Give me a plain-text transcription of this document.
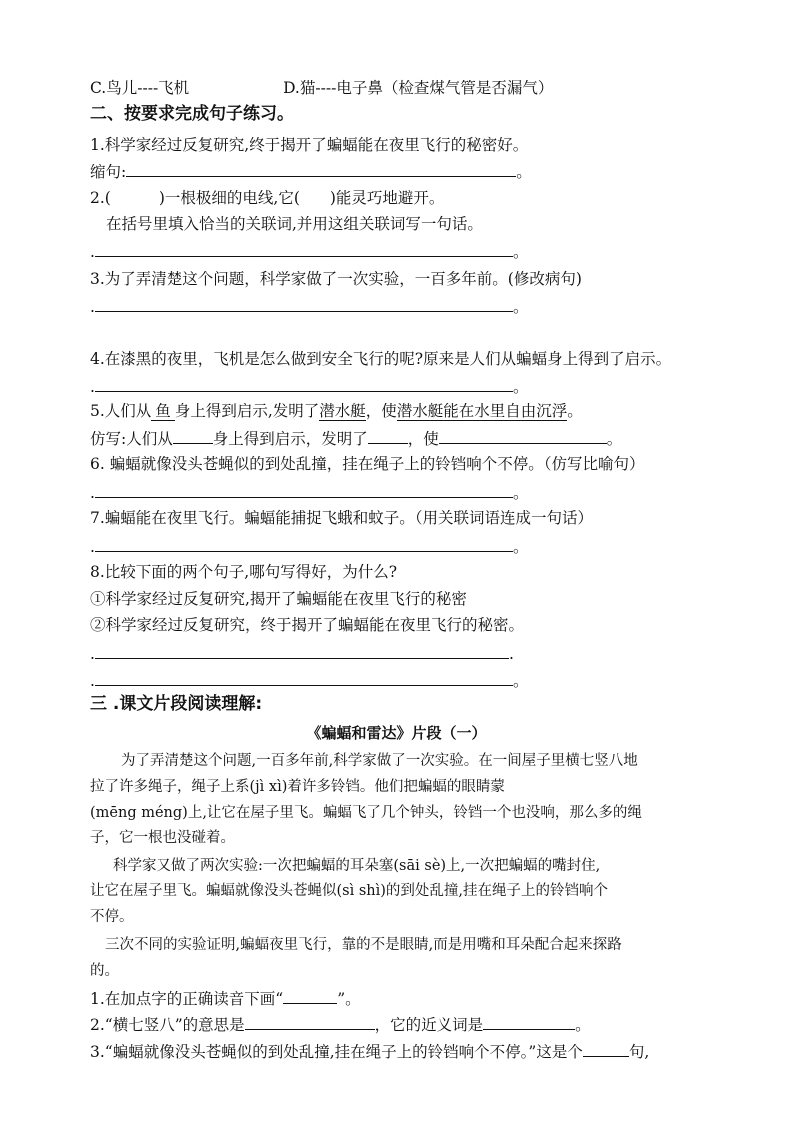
C.鸟儿----飞机	D.猫----电子鼻（检查煤气管是否漏气）
二、按要求完成句子练习。
1.科学家经过反复研究,终于揭开了蝙蝠能在夜里飞行的秘密好。
缩句:	。
2.(	)一根极细的电线,它( )能灵巧地避开。
在括号里填入恰当的关联词,并用这组关联词写一句话。
.	。
3.为了弄清楚这个问题，科学家做了一次实验，一百多年前。(修改病句)
.	。
4.在漆黑的夜里，飞机是怎么做到安全飞行的呢?原来是人们从蝙蝠身上得到了启示。
.	。
5.人们从 鱼 身上得到启示,发明了潜水艇，使潜水艇能在水里自由沉浮。
仿写:人们从	身上得到启示，发明了	，使	。
6. 蝙蝠就像没头苍蝇似的到处乱撞，挂在绳子上的铃铛响个不停。（仿写比喻句）
.	。
7.蝙蝠能在夜里飞行。蝙蝠能捕捉飞蛾和蚊子。（用关联词语连成一句话）
.	。
8.比较下面的两个句子,哪句写得好，为什么?
①科学家经过反复研究,揭开了蝙蝠能在夜里飞行的秘密
②科学家经过反复研究，终于揭开了蝙蝠能在夜里飞行的秘密。
.	.
.	。
三 .课文片段阅读理解:
《蝙蝠和雷达》片段（一）
为了弄清楚这个问题,一百多年前,科学家做了一次实验。在一间屋子里横七竖八地
拉了许多绳子，绳子上系(jì xì)着许多铃铛。他们把蝙蝠的眼睛蒙
(mēng méng)上,让它在屋子里飞。蝙蝠飞了几个钟头，铃铛一个也没响，那么多的绳
子，它一根也没碰着。
科学家又做了两次实验:一次把蝙蝠的耳朵塞(sāi sè)上,一次把蝙蝠的嘴封住,
让它在屋子里飞。蝙蝠就像没头苍蝇似(sì shì)的到处乱撞,挂在绳子上的铃铛响个
不停。
三次不同的实验证明,蝙蝠夜里飞行，靠的不是眼睛,而是用嘴和耳朵配合起来探路
的。
1.在加点字的正确读音下画“	”。
2.“横七竖八”的意思是	，它的近义词是	。
3.“蝙蝠就像没头苍蝇似的到处乱撞,挂在绳子上的铃铛响个不停。”这是个	句,
